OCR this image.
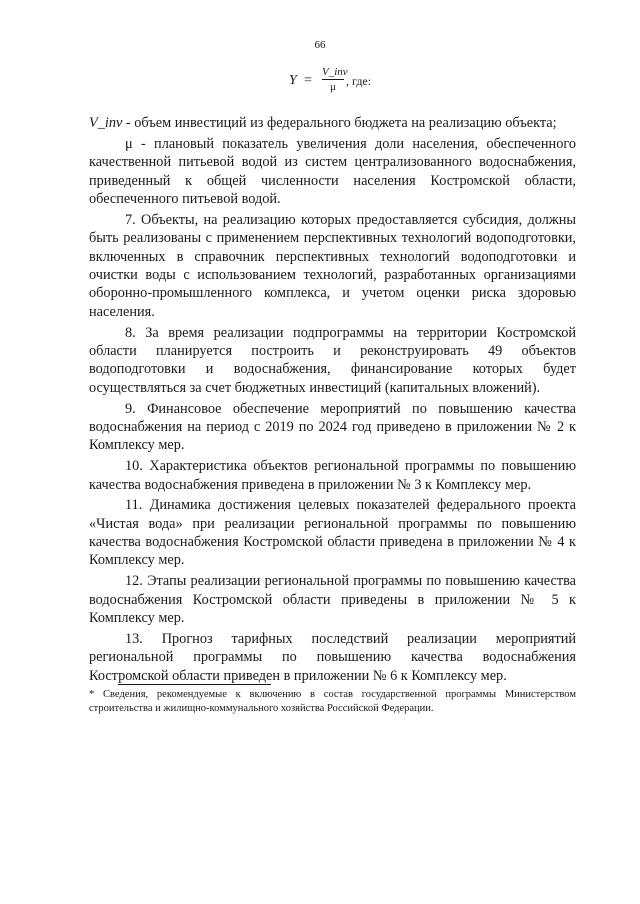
66
Y =
V_inv
μ , где:

V_inv - объем инвестиций из федерального бюджета на реализацию объекта;

μ - плановый показатель увеличения доли населения, обеспеченного качественной питьевой водой из систем централизованного водоснабжения, приведенный к общей численности населения Костромской области, обеспеченного питьевой водой.

7. Объекты, на реализацию которых предоставляется субсидия, должны быть реализованы с применением перспективных технологий водоподготовки, включенных в справочник перспективных технологий водоподготовки и очистки воды с использованием технологий, разработанных организациями оборонно-промышленного комплекса, и учетом оценки риска здоровью населения.

8. За время реализации подпрограммы на территории Костромской области планируется построить и реконструировать 49 объектов водоподготовки и водоснабжения, финансирование которых будет осуществляться за счет бюджетных инвестиций (капитальных вложений).

9. Финансовое обеспечение мероприятий по повышению качества водоснабжения на период с 2019 по 2024 год приведено в приложении № 2 к Комплексу мер.

10. Характеристика объектов региональной программы по повышению качества водоснабжения приведена в приложении № 3 к Комплексу мер.

11. Динамика достижения целевых показателей федерального проекта «Чистая вода» при реализации региональной программы по повышению качества водоснабжения Костромской области приведена в приложении № 4 к Комплексу мер.

12. Этапы реализации региональной программы по повышению качества водоснабжения Костромской области приведены в приложении № 5 к Комплексу мер.

13. Прогноз тарифных последствий реализации мероприятий региональной программы по повышению качества водоснабжения Костромской области приведен в приложении № 6 к Комплексу мер.

* Сведения, рекомендуемые к включению в состав государственной программы Министерством строительства и жилищно-коммунального хозяйства Российской Федерации.
